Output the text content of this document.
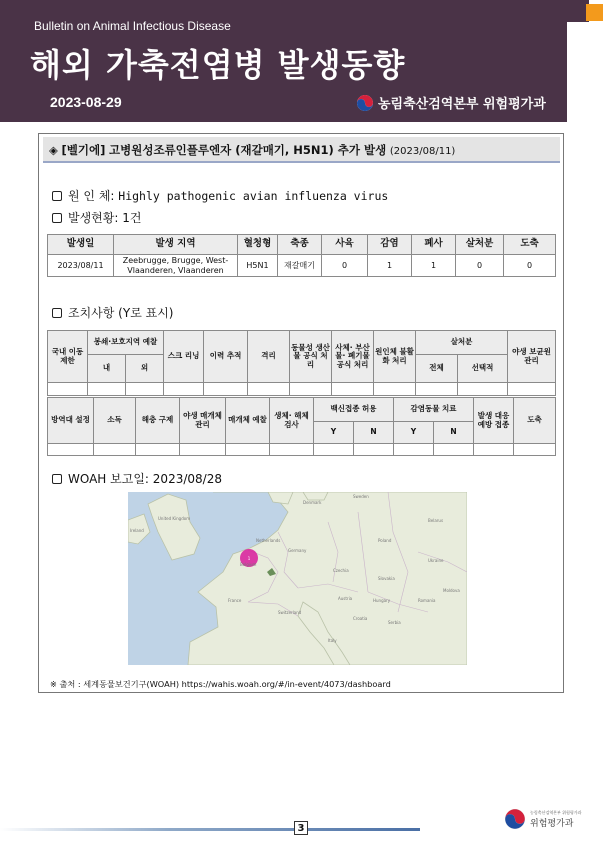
Bulletin on Animal Infectious Disease
해외 가축전염병 발생동향
2023-08-29	농림축산검역본부 위험평가과
◈ [벨기에] 고병원성조류인플루엔자 (재갈매기, H5N1) 추가 발생 (2023/08/11)
원 인 체: Highly pathogenic avian influenza virus
발생현황: 1건
발생일	발생 지역	혈청형	축종	사육	감염	폐사	살처분	도축
2023/08/11	Zeebrugge, Brugge, West-Vlaanderen, Vlaanderen	H5N1	재갈매기	0	1	1	0	0
조치사항 (Y로 표시)
국내 이동 제한	봉쇄·보호지역 예찰		스크 리닝	이력 추적	격리	동물성 생산물 공식 처리	사체· 부산물· 폐기물 공식 처리	원인체 불활화 처리	살처분		야생 보균원 관리
	내	외							전체	선택적	

방역대 설정	소독	해충 구제	야생 매개체 관리	매개체 예찰	생체· 해체 검사	백신접종 허용		감염동물 치료		발생 대응 예방 접종	도축
						Y	N	Y	N		

WOAH 보고일: 2023/08/28
1
United Kingdom
Ireland
Netherlands
Belgium
Germany
France
Switzerland
Austria
Italy
Poland
Czechia
Slovakia
Hungary
Croatia
Serbia
Romania
Denmark
Sweden
Ukraine
Moldova
Belarus
※ 출처 : 세계동물보건기구(WOAH) https://wahis.woah.org/#/in-event/4073/dashboard
3
농림축산검역본부 위험평가과
위험평가과
